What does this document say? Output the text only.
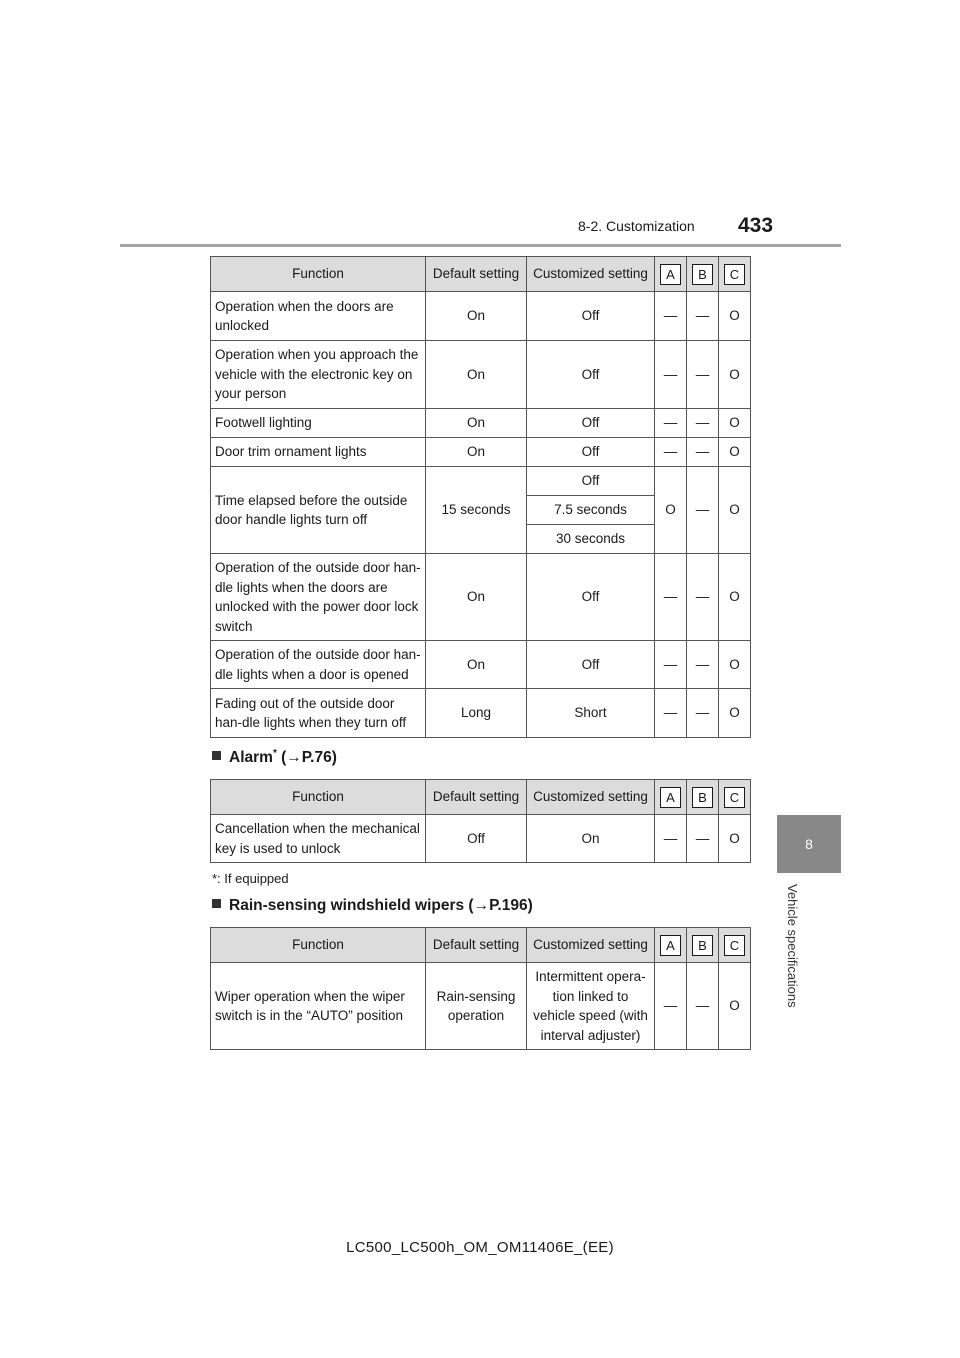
8-2. Customization 433
8
Vehicle specifications
Function	Default setting	Customized setting	A	B	C
Operation when the doors are unlocked	On	Off	—	—	O
Operation when you approach the vehicle with the electronic key on your person	On	Off	—	—	O
Footwell lighting	On	Off	—	—	O
Door trim ornament lights	On	Off	—	—	O
Time elapsed before the outside door handle lights turn off	15 seconds	Off	O	—	O
		7.5 seconds			
		30 seconds			
Operation of the outside door han-dle lights when the doors are unlocked with the power door lock switch	On	Off	—	—	O
Operation of the outside door han-dle lights when a door is opened	On	Off	—	—	O
Fading out of the outside door han-dle lights when they turn off	Long	Short	—	—	O
Alarm* (→P.76)
Function	Default setting	Customized setting	A	B	C
Cancellation when the mechanical key is used to unlock	Off	On	—	—	O
*: If equipped
Rain-sensing windshield wipers (→P.196)
Function	Default setting	Customized setting	A	B	C
Wiper operation when the wiper switch is in the “AUTO” position	Rain-sensing operation	Intermittent opera-tion linked to vehicle speed (with interval adjuster)	—	—	O
LC500_LC500h_OM_OM11406E_(EE)
